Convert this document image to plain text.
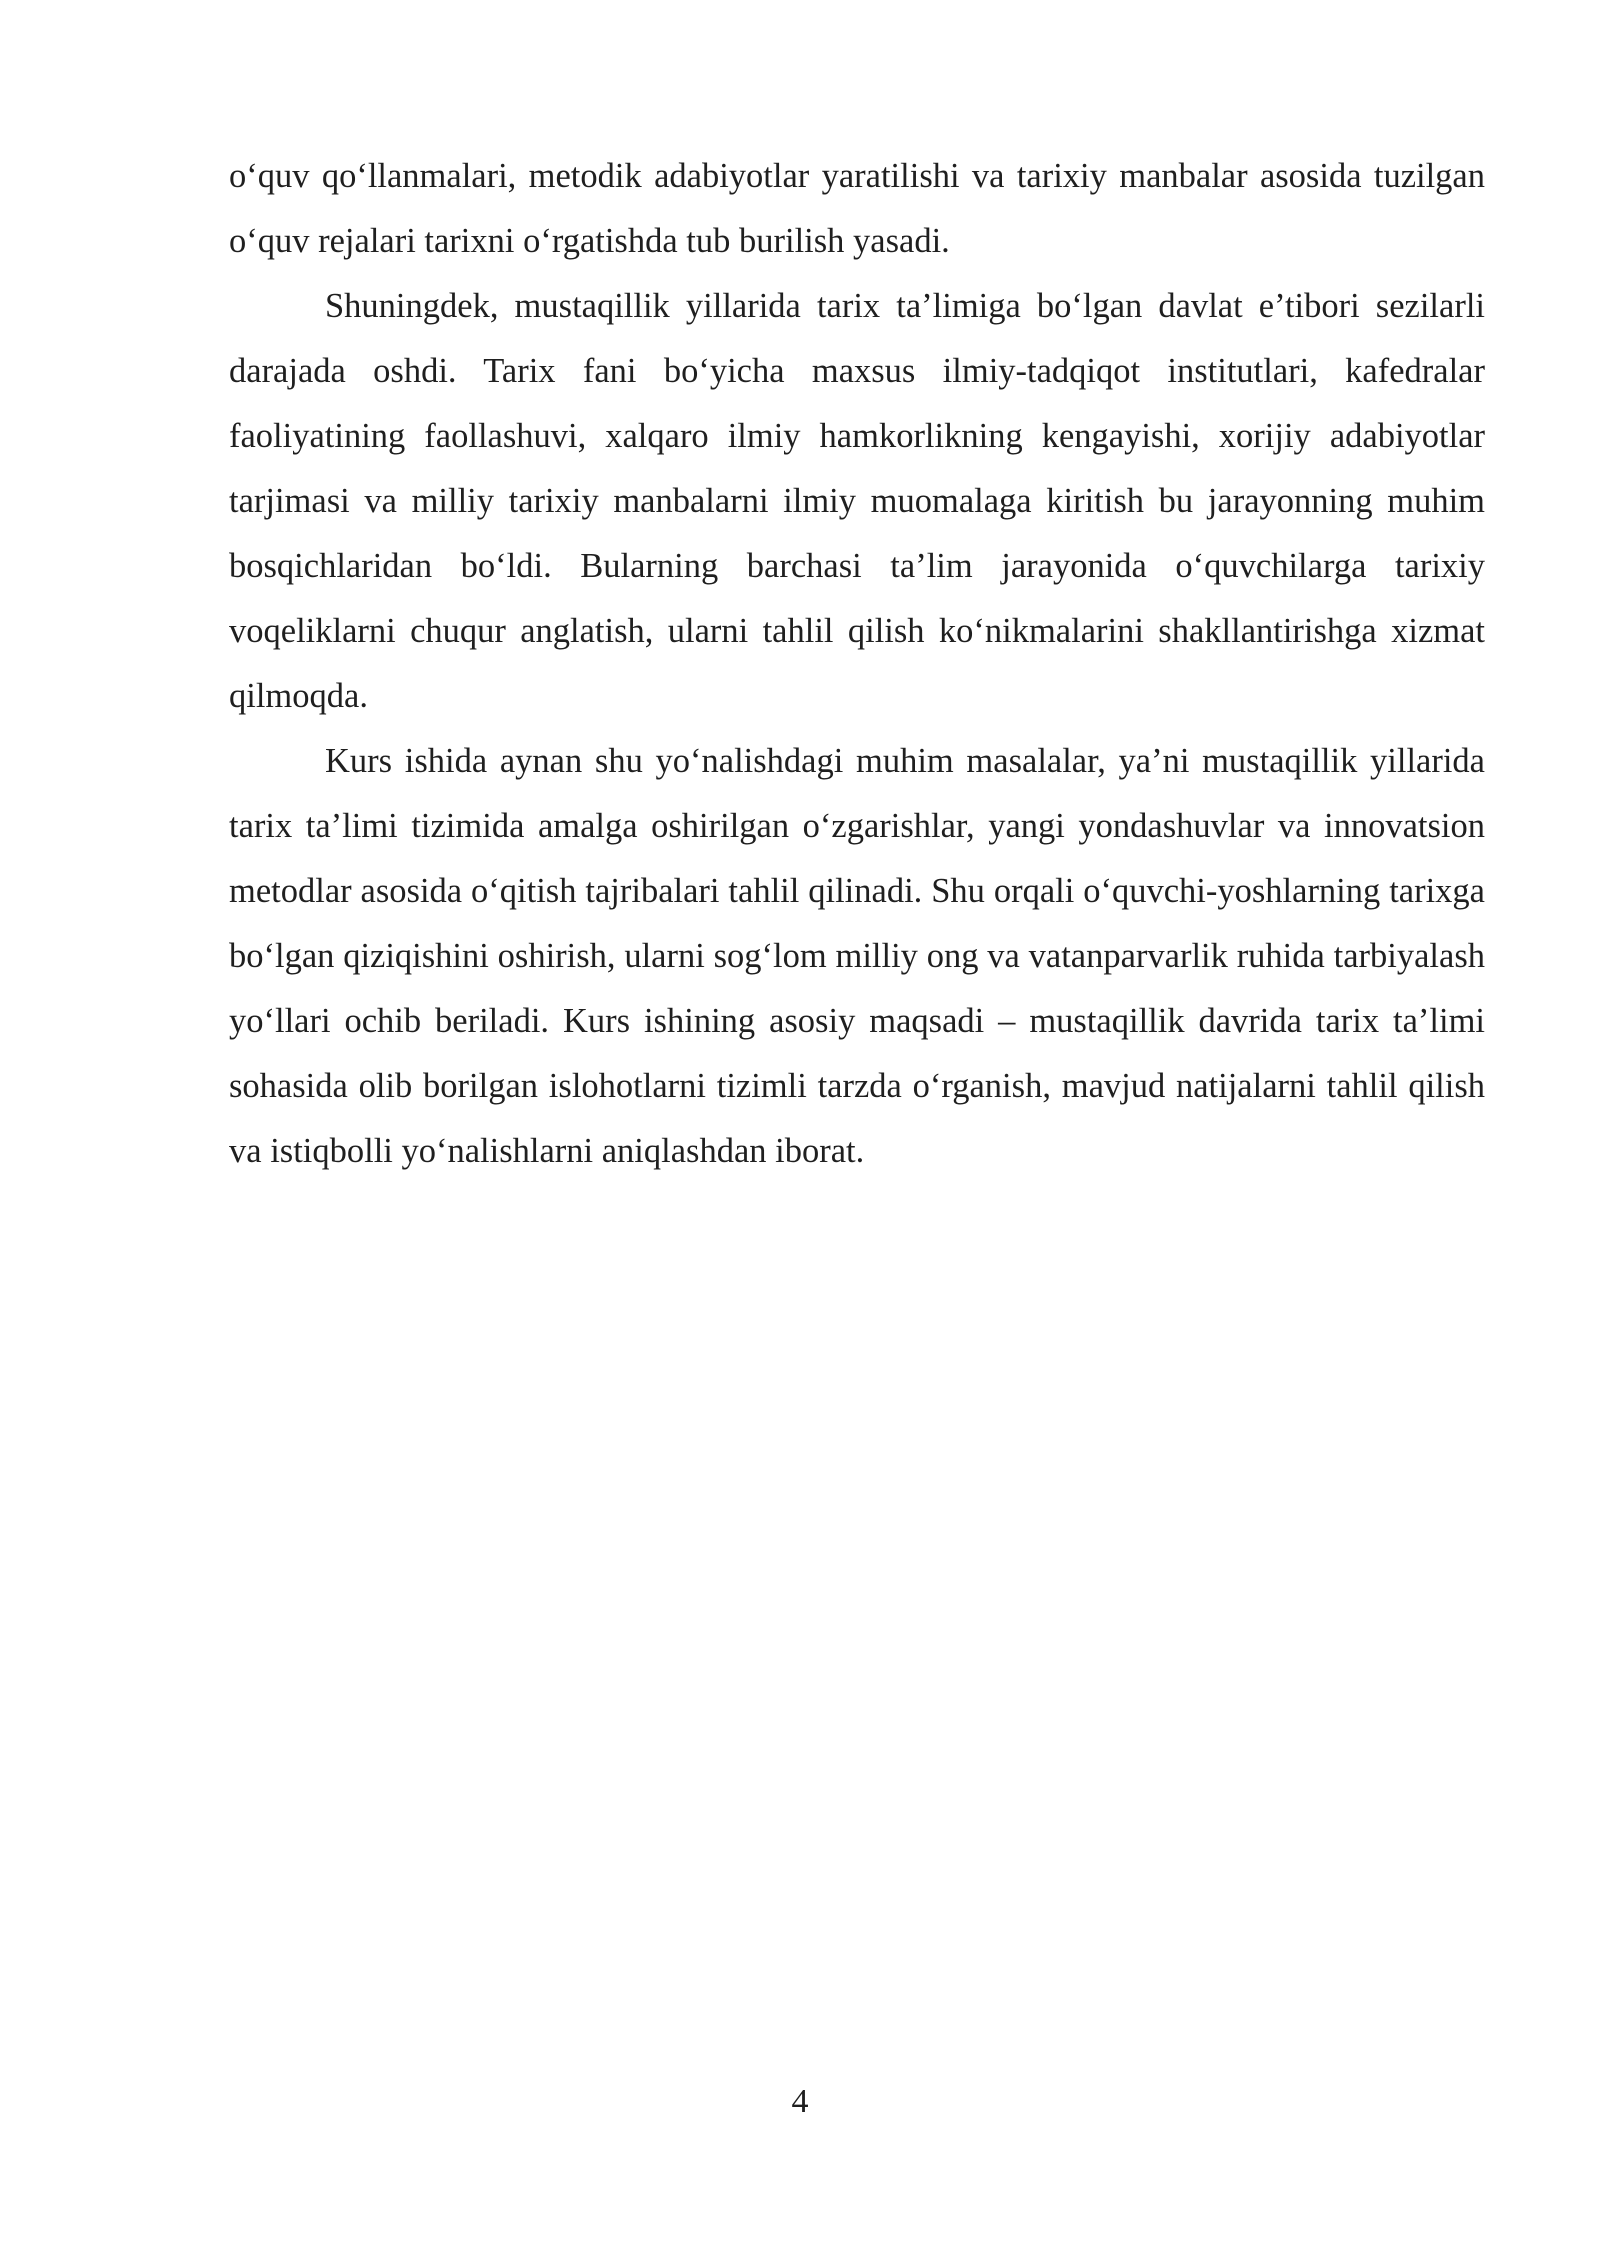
o‘quv qo‘llanmalari, metodik adabiyotlar yaratilishi va tarixiy manbalar asosida tuzilgan o‘quv rejalari tarixni o‘rgatishda tub burilish yasadi.

Shuningdek, mustaqillik yillarida tarix ta’limiga bo‘lgan davlat e’tibori sezilarli darajada oshdi. Tarix fani bo‘yicha maxsus ilmiy-tadqiqot institutlari, kafedralar faoliyatining faollashuvi, xalqaro ilmiy hamkorlikning kengayishi, xorijiy adabiyotlar tarjimasi va milliy tarixiy manbalarni ilmiy muomalaga kiritish bu jarayonning muhim bosqichlaridan bo‘ldi. Bularning barchasi ta’lim jarayonida o‘quvchilarga tarixiy voqeliklarni chuqur anglatish, ularni tahlil qilish ko‘nikmalarini shakllantirishga xizmat qilmoqda.

Kurs ishida aynan shu yo‘nalishdagi muhim masalalar, ya’ni mustaqillik yillarida tarix ta’limi tizimida amalga oshirilgan o‘zgarishlar, yangi yondashuvlar va innovatsion metodlar asosida o‘qitish tajribalari tahlil qilinadi. Shu orqali o‘quvchi-yoshlarning tarixga bo‘lgan qiziqishini oshirish, ularni sog‘lom milliy ong va vatanparvarlik ruhida tarbiyalash yo‘llari ochib beriladi. Kurs ishining asosiy maqsadi – mustaqillik davrida tarix ta’limi sohasida olib borilgan islohotlarni tizimli tarzda o‘rganish, mavjud natijalarni tahlil qilish va istiqbolli yo‘nalishlarni aniqlashdan iborat.

4
